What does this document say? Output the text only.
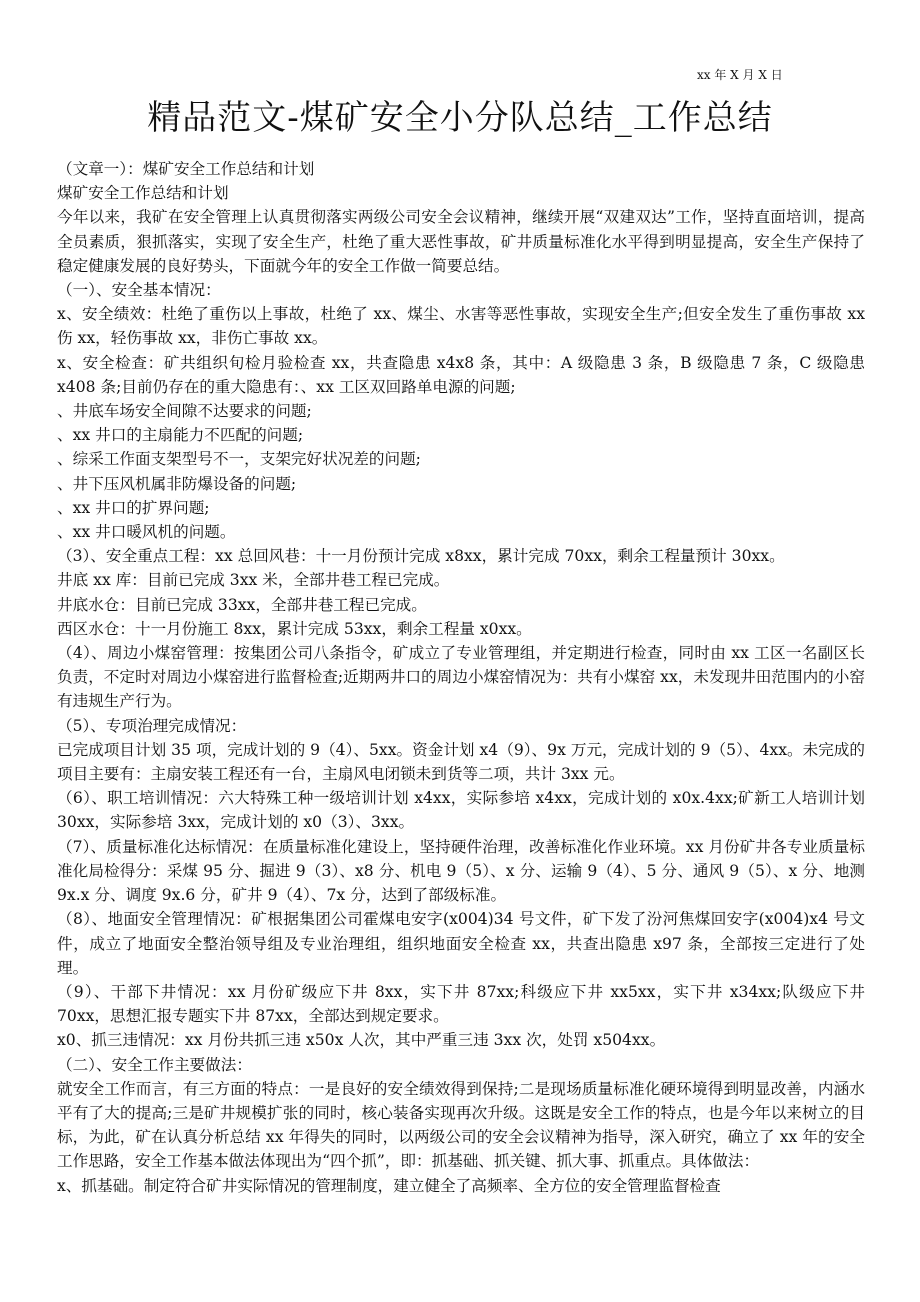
xx 年 X 月 X 日
精品范文-煤矿安全小分队总结_工作总结

（文章一）：煤矿安全工作总结和计划

煤矿安全工作总结和计划

今年以来，我矿在安全管理上认真贯彻落实两级公司安全会议精神，继续开展“双建双达”工作，坚持直面培训，提高全员素质，狠抓落实，实现了安全生产，杜绝了重大恶性事故，矿井质量标准化水平得到明显提高，安全生产保持了稳定健康发展的良好势头，下面就今年的安全工作做一简要总结。

（一）、安全基本情况：

x、安全绩效：杜绝了重伤以上事故，杜绝了 xx、煤尘、水害等恶性事故，实现安全生产;但安全发生了重伤事故 xx 伤 xx，轻伤事故 xx，非伤亡事故 xx。

x、安全检查：矿共组织旬检月验检查 xx，共查隐患 x4x8 条，其中：A 级隐患 3 条，B 级隐患 7 条，C 级隐患 x408 条;目前仍存在的重大隐患有：、xx 工区双回路单电源的问题;

、井底车场安全间隙不达要求的问题;

、xx 井口的主扇能力不匹配的问题;

、综采工作面支架型号不一，支架完好状况差的问题;

、井下压风机属非防爆设备的问题;

、xx 井口的扩界问题;

、xx 井口暖风机的问题。

（3）、安全重点工程：xx 总回风巷：十一月份预计完成 x8xx，累计完成 70xx，剩余工程量预计 30xx。

井底 xx 库：目前已完成 3xx 米，全部井巷工程已完成。

井底水仓：目前已完成 33xx，全部井巷工程已完成。

西区水仓：十一月份施工 8xx，累计完成 53xx，剩余工程量 x0xx。

（4）、周边小煤窑管理：按集团公司八条指令，矿成立了专业管理组，并定期进行检查，同时由 xx 工区一名副区长负责，不定时对周边小煤窑进行监督检查;近期两井口的周边小煤窑情况为：共有小煤窑 xx，未发现井田范围内的小窑有违规生产行为。

（5）、专项治理完成情况：

已完成项目计划 35 项，完成计划的 9（4）、5xx。资金计划 x4（9）、9x 万元，完成计划的 9（5）、4xx。未完成的项目主要有：主扇安装工程还有一台，主扇风电闭锁未到货等二项，共计 3xx 元。

（6）、职工培训情况：六大特殊工种一级培训计划 x4xx，实际参培 x4xx，完成计划的 x0x.4xx;矿新工人培训计划 30xx，实际参培 3xx，完成计划的 x0（3）、3xx。

（7）、质量标准化达标情况：在质量标准化建设上，坚持硬件治理，改善标准化作业环境。xx 月份矿井各专业质量标准化局检得分：采煤 95 分、掘进 9（3）、x8 分、机电 9（5）、x 分、运输 9（4）、5 分、通风 9（5）、x 分、地测 9x.x 分、调度 9x.6 分，矿井 9（4）、7x 分，达到了部级标准。

（8）、地面安全管理情况：矿根据集团公司霍煤电安字(x004)34 号文件，矿下发了汾河焦煤回安字(x004)x4 号文件，成立了地面安全整治领导组及专业治理组，组织地面安全检查 xx，共查出隐患 x97 条，全部按三定进行了处理。

（9）、干部下井情况：xx 月份矿级应下井 8xx，实下井 87xx;科级应下井 xx5xx，实下井 x34xx;队级应下井 70xx，思想汇报专题实下井 87xx，全部达到规定要求。

x0、抓三违情况：xx 月份共抓三违 x50x 人次，其中严重三违 3xx 次，处罚 x504xx。

（二）、安全工作主要做法：

就安全工作而言，有三方面的特点：一是良好的安全绩效得到保持;二是现场质量标准化硬环境得到明显改善，内涵水平有了大的提高;三是矿井规模扩张的同时，核心装备实现再次升级。这既是安全工作的特点，也是今年以来树立的目标，为此，矿在认真分析总结 xx 年得失的同时，以两级公司的安全会议精神为指导，深入研究，确立了 xx 年的安全工作思路，安全工作基本做法体现出为“四个抓”，即：抓基础、抓关键、抓大事、抓重点。具体做法：

x、抓基础。制定符合矿井实际情况的管理制度，建立健全了高频率、全方位的安全管理监督检查
